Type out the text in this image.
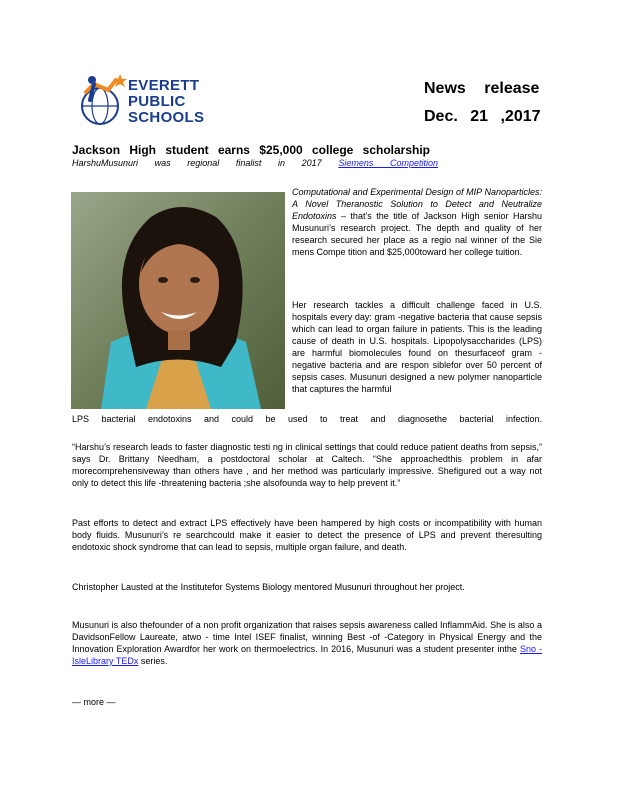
EVERETT
PUBLIC
SCHOOLS
News release
Dec. 21 ,2017
Jackson High student earns $25,000 college scholarship
HarshuMusunuri was regional finalist in 2017 Siemens Competition
Computational and Experimental Design of MIP Nanoparticles: A Novel Theranostic Solution to Detect and Neutralize Endotoxins – that’s the title of Jackson High senior Harshu Musunuri’s research project. The depth and quality of her research secured her place as a regio nal winner of the Sie mens Compe tition and $25,000toward her college tuition.
Her research tackles a difficult challenge faced in U.S. hospitals every day: gram -negative bacteria that cause sepsis which can lead to organ failure in patients. This is the leading cause of death in U.S. hospitals. Lipopolysaccharides (LPS) are harmful biomolecules found on thesurfaceof gram - negative bacteria and are respon siblefor over 50 percent of sepsis cases. Musunuri designed a new polymer nanoparticle that captures the harmful
LPS bacterial endotoxins and could be used to treat and diagnosethe bacterial infection.
“Harshu’s research leads to faster diagnostic testi ng in clinical settings that could reduce patient deaths from sepsis,” says Dr. Brittany Needham, a postdoctoral scholar at Caltech. “She approachedthis problem in afar morecomprehensiveway than others have , and her method was particularly impressive. Shefigured out a way not only to detect this life -threatening bacteria ;she alsofounda way to help prevent it.”
Past efforts to detect and extract LPS effectively have been hampered by high costs or incompatibility with human body fluids. Musunuri’s re searchcould make it easier to detect the presence of LPS and prevent theresulting endotoxic shock syndrome that can lead to sepsis, multiple organ failure, and death.
Christopher Lausted at the Institutefor Systems Biology mentored Musunuri throughout her project.
Musunuri is also thefounder of a non profit organization that raises sepsis awareness called InflammAid. She is also a DavidsonFellow Laureate, atwo - time Intel ISEF finalist, winning Best -of -Category in Physical Energy and the Innovation Exploration Awardfor her work on thermoelectrics. In 2016, Musunuri was a student presenter inthe Sno -IsleLibrary TEDx series.
— more —
